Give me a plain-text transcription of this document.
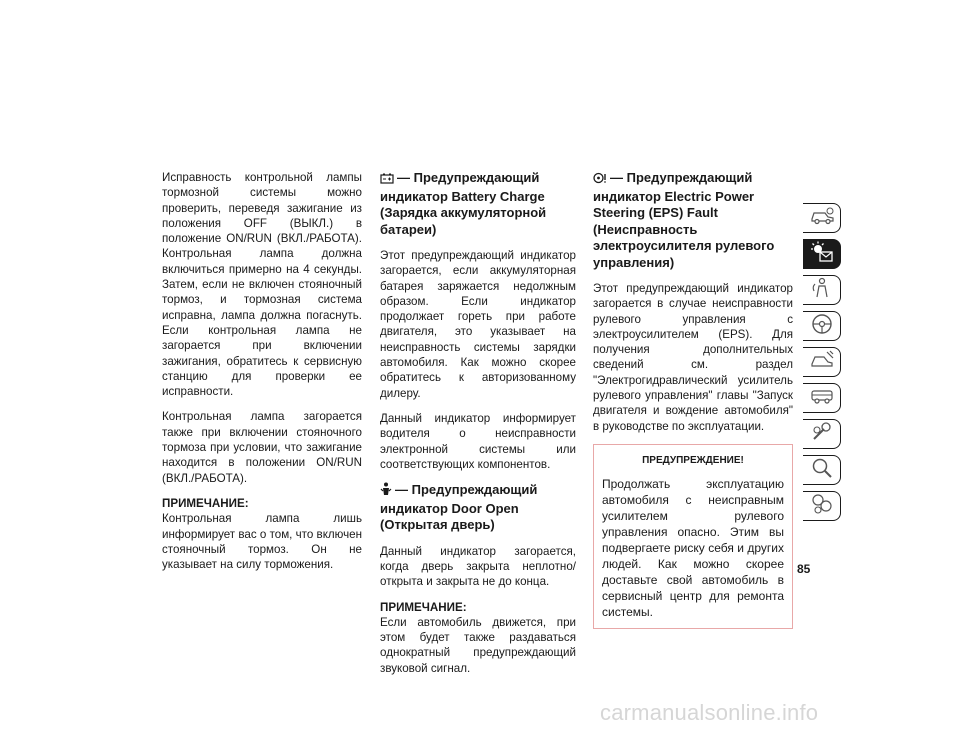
Исправность контрольной лампы тормозной системы можно проверить, переведя зажигание из положения OFF (ВЫКЛ.) в положение ON/RUN (ВКЛ./РАБОТА). Контрольная лампа должна включиться примерно на 4 секунды. Затем, если не включен стояночный тормоз, и тормозная система исправна, лампа должна погаснуть. Если контрольная лампа не загорается при включении зажигания, обратитесь к сервисную станцию для проверки ее исправности.

Контрольная лампа загорается также при включении стояночного тормоза при условии, что зажигание находится в положении ON/RUN (ВКЛ./РАБОТА).

ПРИМЕЧАНИЕ:

Контрольная лампа лишь информирует вас о том, что включен стояночный тормоз. Он не указывает на силу торможения.

— Предупреждающий индикатор Battery Charge (Зарядка аккумуляторной батареи)

Этот предупреждающий индикатор загорается, если аккумуляторная батарея заряжается недолжным образом. Если индикатор продолжает гореть при работе двигателя, это указывает на неисправность системы зарядки автомобиля. Как можно скорее обратитесь к авторизованному дилеру.

Данный индикатор информирует водителя о неисправности электронной системы или соответствующих компонентов.

— Предупреждающий индикатор Door Open (Открытая дверь)

Данный индикатор загорается, когда дверь закрыта неплотно/открыта и закрыта не до конца.

ПРИМЕЧАНИЕ:

Если автомобиль движется, при этом будет также раздаваться однократный предупреждающий звуковой сигнал.

— Предупреждающий индикатор Electric Power Steering (EPS) Fault (Неисправность электроусилителя рулевого управления)

Этот предупреждающий индикатор загорается в случае неисправности рулевого управления с электроусилителем (EPS). Для получения дополнительных сведений см. раздел "Электрогидравлический усилитель рулевого управления" главы "Запуск двигателя и вождение автомобиля" в руководстве по эксплуатации.

ПРЕДУПРЕЖДЕНИЕ!

Продолжать эксплуатацию автомобиля с неисправным усилителем рулевого управления опасно. Этим вы подвергаете риску себя и других людей. Как можно скорее доставьте свой автомобиль в сервисный центр для ремонта системы.

85
carmanualsonline.info
